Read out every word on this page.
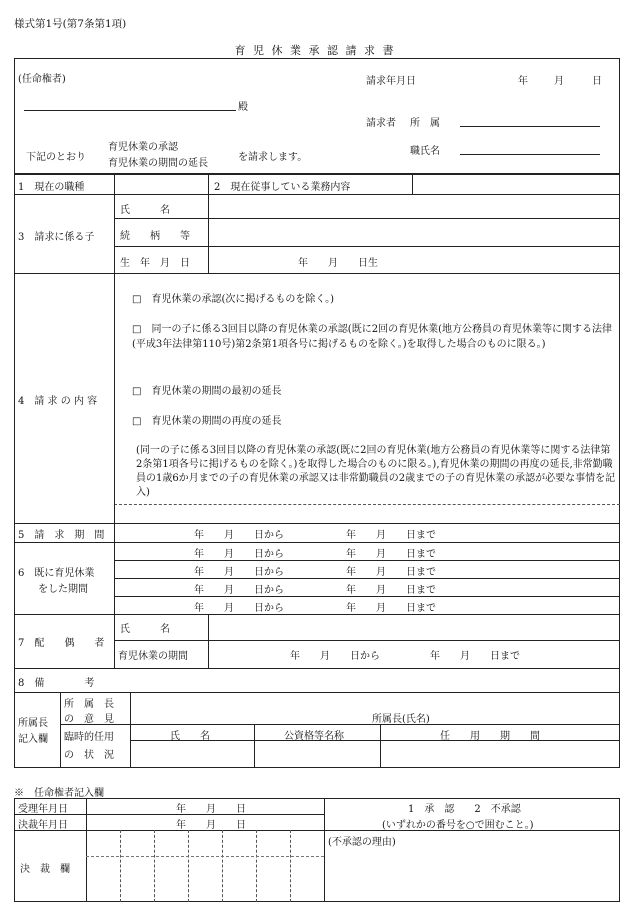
様式第1号(第7条第1項)
育 児 休 業 承 認 請 求 書
(任命権者)	請求年月日	年	月	日
殿
請求者 所　属
下記のとおり
育児休業の承認
育児休業の期間の延長
を請求します。
職氏名
1　現在の職種	2　現在従事している業務内容
3　請求に係る子
氏　　　名
続　　柄　　等
生　年　月　日	年　　月　　日生
4　請 求 の 内 容
□　育児休業の承認(次に掲げるものを除く。)
□　同一の子に係る3回目以降の育児休業の承認(既に2回の育児休業(地方公務員の育児休業等に関する法律(平成3年法律第110号)第2条第1項各号に掲げるものを除く。)を取得した場合のものに限る。)
□　育児休業の期間の最初の延長
□　育児休業の期間の再度の延長
(同一の子に係る3回目以降の育児休業の承認(既に2回の育児休業(地方公務員の育児休業等に関する法律第2条第1項各号に掲げるものを除く。)を取得した場合のものに限る。),育児休業の期間の再度の延長,非常勤職員の1歳6か月までの子の育児休業の承認又は非常勤職員の2歳までの子の育児休業の承認が必要な事情を記入)
5　請　求　期　間	年　　月　　日から	年　　月　　日まで
6　既に育児休業
をした期間
年　　月　　日から	年　　月　　日まで
年　　月　　日から	年　　月　　日まで
年　　月　　日から	年　　月　　日まで
年　　月　　日から	年　　月　　日まで
7　配　　偶　　者
氏　　　名
育児休業の期間	年　　月　　日から　　　　　年　　月　　日まで
8　備　　　　考
所属長
記入欄
所　属　長
の　意　見	所属長(氏名)
臨時的任用
の　状　況
氏　　名	公資格等名称	任　　用　　期　　間
※　任命権者記入欄
受理年月日	年　　月　　日
決裁年月日	年　　月　　日
1　承　認　　2　不承認
(いずれかの番号を○で囲むこと。)
(不承認の理由)
決　裁　欄
